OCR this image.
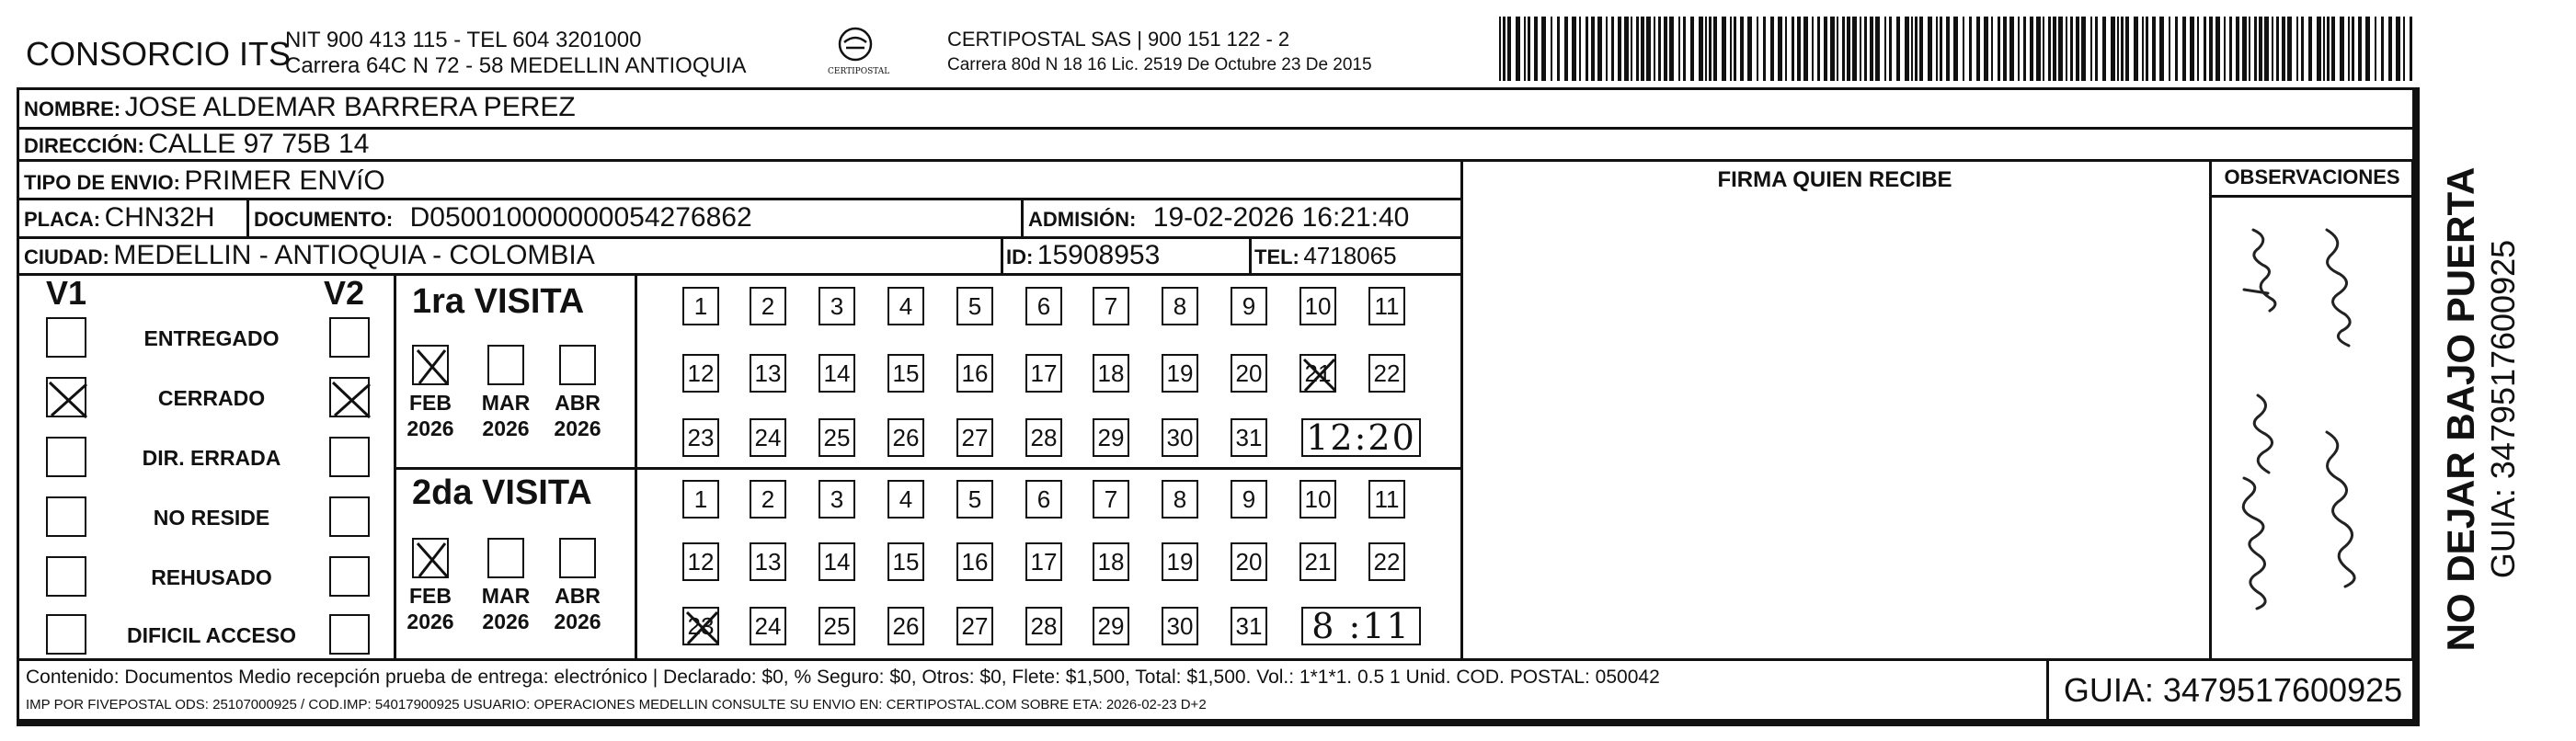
CONSORCIO ITS
NIT 900 413 115 - TEL 604 3201000
Carrera 64C N 72 - 58 MEDELLIN ANTIOQUIA	CERTIPOSTAL
CERTIPOSTAL SAS | 900 151 122 - 2
Carrera 80d N 18 16 Lic. 2519 De Octubre 23 De 2015
NOMBRE: JOSE ALDEMAR BARRERA PEREZ
DIRECCIÓN: CALLE 97 75B 14
TIPO DE ENVIO: PRIMER ENVíO
PLACA: CHN32H DOCUMENTO: D050010000000054276862	ADMISIÓN: 19-02-2026 16:21:40
CIUDAD: MEDELLIN - ANTIOQUIA - COLOMBIA	ID: 15908953	TEL: 4718065
FIRMA QUIEN RECIBE	OBSERVACIONES
V1	V2
ENTREGADO
CERRADO
DIR. ERRADA
NO RESIDE
REHUSADO
DIFICIL ACCESO
1ra VISITA
2da VISITA
FEB
2026
MAR
2026
ABR
2026
FEB
2026
MAR
2026
ABR
2026
1	2	3	4	5	6	7	8	9	10 11
12 13 14 15 16 17 18 19 20 21 22
23 24 25 26 27 28 29 30 31 12:20
1	2	3	4	5	6	7	8	9	10 11
12 13 14 15 16 17 18 19 20 21 22
23 24 25 26 27 28 29 30 31 8 :11	NO DEJAR BAJO PUERTA GUIA: 3479517600925
Contenido: Documentos Medio recepción prueba de entrega: electrónico | Declarado: $0, % Seguro: $0, Otros: $0, Flete: $1,500, Total: $1,500. Vol.: 1*1*1. 0.5 1 Unid. COD. POSTAL: 050042
IMP POR FIVEPOSTAL ODS: 25107000925 / COD.IMP: 54017900925 USUARIO: OPERACIONES MEDELLIN CONSULTE SU ENVIO EN: CERTIPOSTAL.COM SOBRE ETA: 2026-02-23 D+2	GUIA: 3479517600925
